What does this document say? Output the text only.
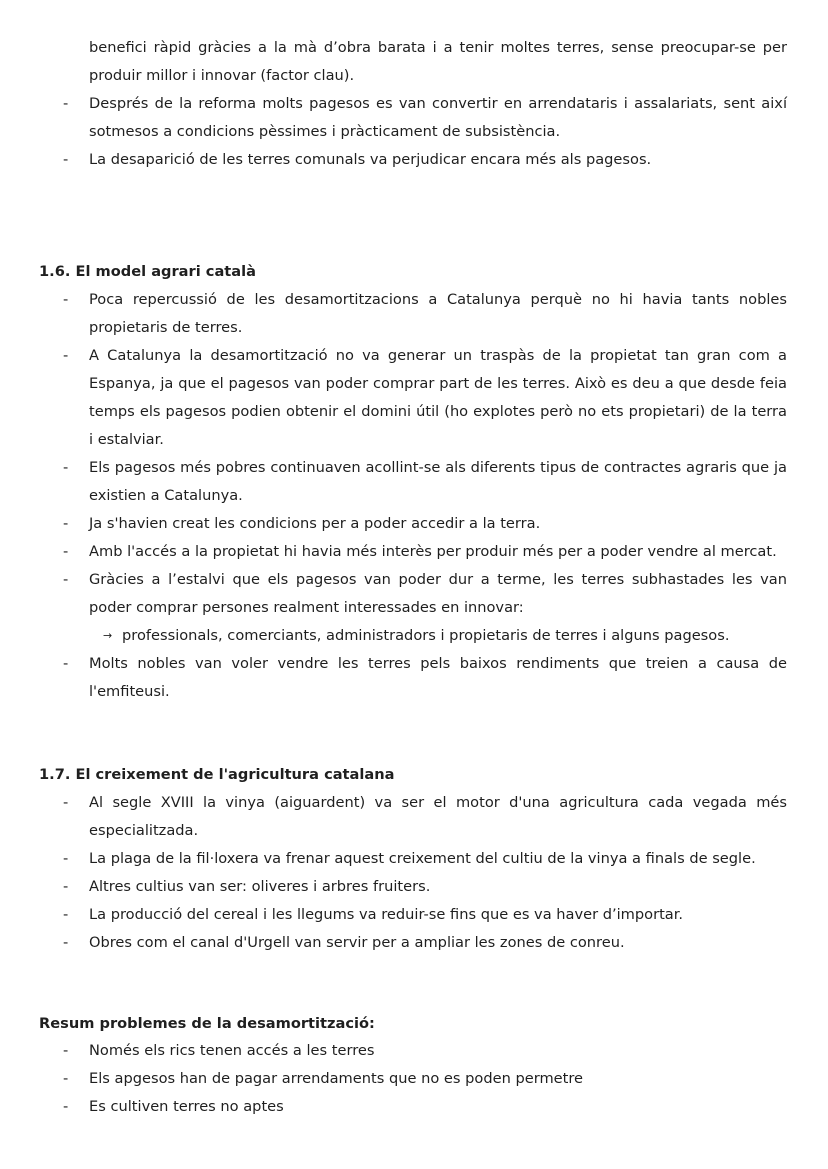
benefici ràpid gràcies a la mà d’obra barata i a tenir moltes terres, sense preocupar-se per produir millor i innovar (factor clau).
- Després de la reforma molts pagesos es van convertir en arrendataris i assalariats, sent així sotmesos a condicions pèssimes i pràcticament de subsistència.
- La desaparició de les terres comunals va perjudicar encara més als pagesos.
1.6. El model agrari català
- Poca repercussió de les desamortitzacions a Catalunya perquè no hi havia tants nobles propietaris de terres.
- A Catalunya la desamortització no va generar un traspàs de la propietat tan gran com a Espanya, ja que el pagesos van poder comprar part de les terres. Això es deu a que desde feia temps els pagesos podien obtenir el domini útil (ho explotes però no ets propietari) de la terra i estalviar.
- Els pagesos més pobres continuaven acollint-se als diferents tipus de contractes agraris que ja existien a Catalunya.
- Ja s'havien creat les condicions per a poder accedir a la terra.
- Amb l'accés a la propietat hi havia més interès per produir més per a poder vendre al mercat.
- Gràcies a l’estalvi que els pagesos van poder dur a terme, les terres subhastades les van poder comprar persones realment interessades en innovar:
→ professionals, comerciants, administradors i propietaris de terres i alguns pagesos.
- Molts nobles van voler vendre les terres pels baixos rendiments que treien a causa de l'emfiteusi.
1.7. El creixement de l'agricultura catalana
- Al segle XVIII la vinya (aiguardent) va ser el motor d'una agricultura cada vegada més especialitzada.
- La plaga de la fil·loxera va frenar aquest creixement del cultiu de la vinya a finals de segle.
- Altres cultius van ser: oliveres i arbres fruiters.
- La producció del cereal i les llegums va reduir-se fins que es va haver d’importar.
- Obres com el canal d'Urgell van servir per a ampliar les zones de conreu.
Resum problemes de la desamortització:
- Només els rics tenen accés a les terres
- Els apgesos han de pagar arrendaments que no es poden permetre
- Es cultiven terres no aptes
